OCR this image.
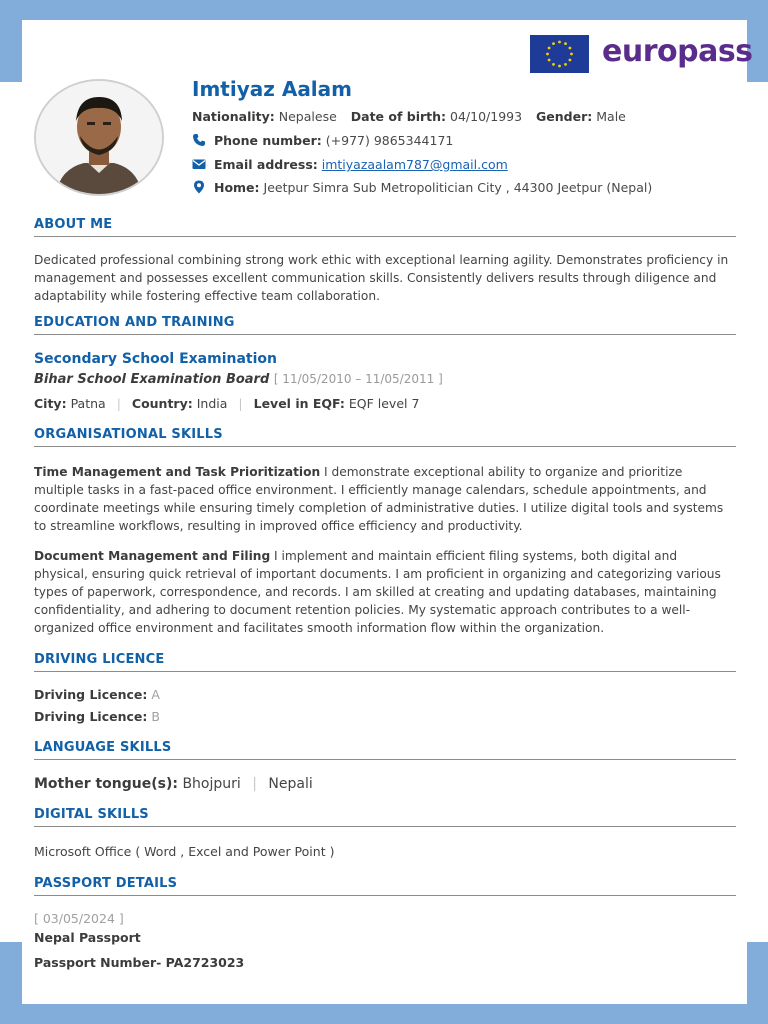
europass
Imtiyaz Aalam
Nationality: Nepalese Date of birth: 04/10/1993 Gender: Male
Phone number: (+977) 9865344171
Email address: imtiyazaalam787@gmail.com
Home: Jeetpur Simra Sub Metropolitician City , 44300 Jeetpur (Nepal)
ABOUT ME

Dedicated professional combining strong work ethic with exceptional learning agility. Demonstrates proficiency in management and possesses excellent communication skills. Consistently delivers results through diligence and adaptability while fostering effective team collaboration.

EDUCATION AND TRAINING
Secondary School Examination
Bihar School Examination Board [ 11/05/2010 – 11/05/2011 ]
City: Patna | Country: India | Level in EQF: EQF level 7
ORGANISATIONAL SKILLS

Time Management and Task Prioritization I demonstrate exceptional ability to organize and prioritize multiple tasks in a fast-paced office environment. I efficiently manage calendars, schedule appointments, and coordinate meetings while ensuring timely completion of administrative duties. I utilize digital tools and systems to streamline workflows, resulting in improved office efficiency and productivity.

Document Management and Filing I implement and maintain efficient filing systems, both digital and physical, ensuring quick retrieval of important documents. I am proficient in organizing and categorizing various types of paperwork, correspondence, and records. I am skilled at creating and updating databases, maintaining confidentiality, and adhering to document retention policies. My systematic approach contributes to a well-organized office environment and facilitates smooth information flow within the organization.

DRIVING LICENCE
Driving Licence: A
Driving Licence: B
LANGUAGE SKILLS
Mother tongue(s): Bhojpuri | Nepali
DIGITAL SKILLS
Microsoft Office ( Word , Excel and Power Point )
PASSPORT DETAILS
[ 03/05/2024 ]
Nepal Passport
Passport Number- PA2723023
